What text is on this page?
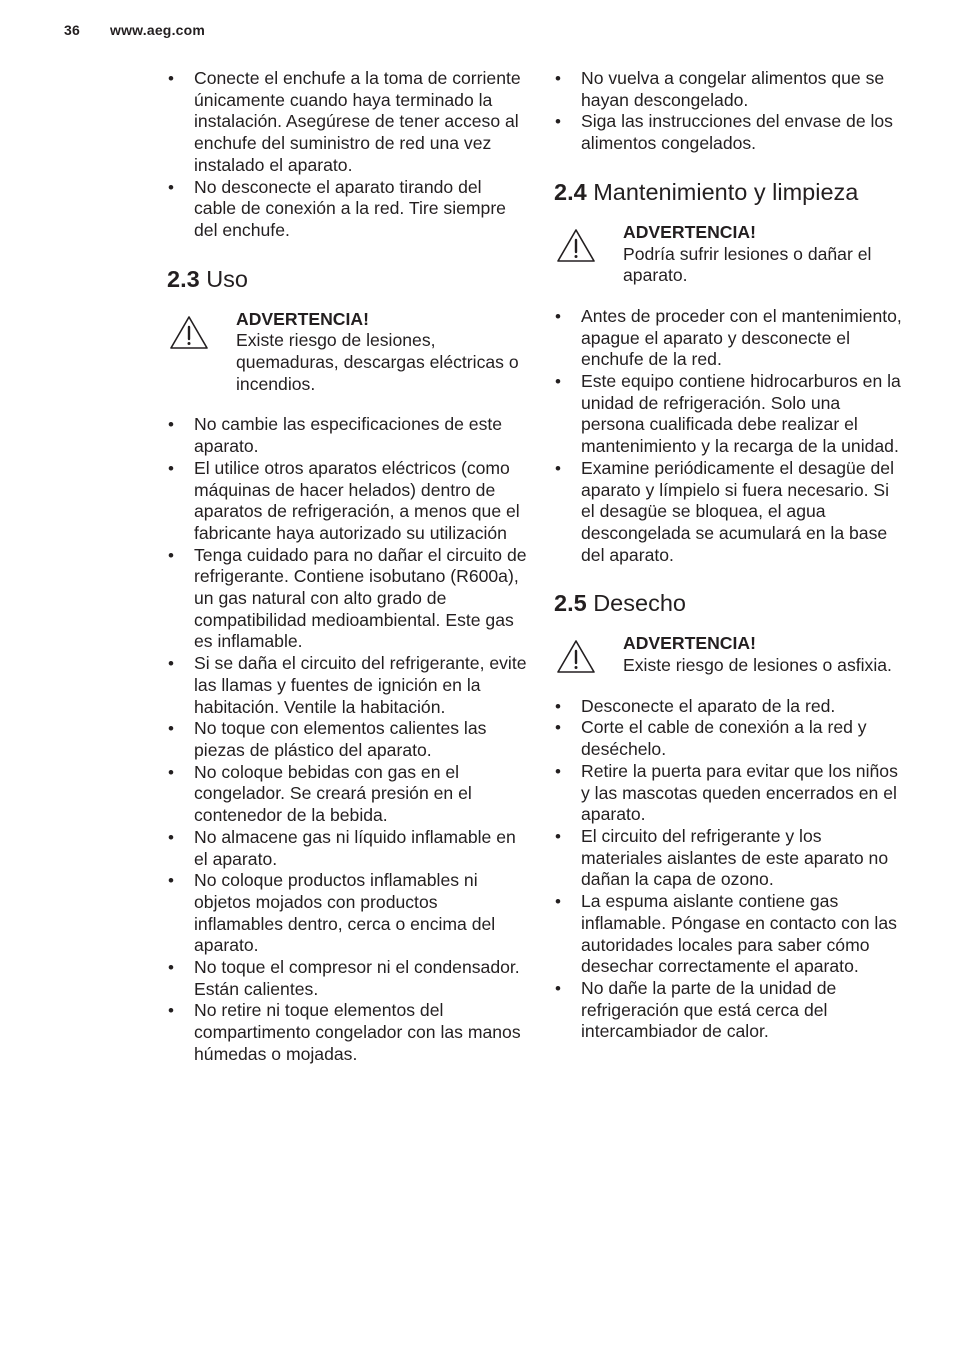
36 www.aeg.com
• Conecte el enchufe a la toma de corriente únicamente cuando haya terminado la instalación. Asegúrese de tener acceso al enchufe del suministro de red una vez instalado el aparato.
• No desconecte el aparato tirando del cable de conexión a la red. Tire siempre del enchufe.
2.3 Uso
ADVERTENCIA!
Existe riesgo de lesiones, quemaduras, descargas eléctricas o incendios.
• No cambie las especificaciones de este aparato.
• El utilice otros aparatos eléctricos (como máquinas de hacer helados) dentro de aparatos de refrigeración, a menos que el fabricante haya autorizado su utilización
• Tenga cuidado para no dañar el circuito de refrigerante. Contiene isobutano (R600a), un gas natural con alto grado de compatibilidad medioambiental. Este gas es inflamable.
• Si se daña el circuito del refrigerante, evite las llamas y fuentes de ignición en la habitación. Ventile la habitación.
• No toque con elementos calientes las piezas de plástico del aparato.
• No coloque bebidas con gas en el congelador. Se creará presión en el contenedor de la bebida.
• No almacene gas ni líquido inflamable en el aparato.
• No coloque productos inflamables ni objetos mojados con productos inflamables dentro, cerca o encima del aparato.
• No toque el compresor ni el condensador. Están calientes.
• No retire ni toque elementos del compartimento congelador con las manos húmedas o mojadas.
• No vuelva a congelar alimentos que se hayan descongelado.
• Siga las instrucciones del envase de los alimentos congelados.
2.4 Mantenimiento y limpieza
ADVERTENCIA!
Podría sufrir lesiones o dañar el aparato.
• Antes de proceder con el mantenimiento, apague el aparato y desconecte el enchufe de la red.
• Este equipo contiene hidrocarburos en la unidad de refrigeración. Solo una persona cualificada debe realizar el mantenimiento y la recarga de la unidad.
• Examine periódicamente el desagüe del aparato y límpielo si fuera necesario. Si el desagüe se bloquea, el agua descongelada se acumulará en la base del aparato.
2.5 Desecho
ADVERTENCIA!
Existe riesgo de lesiones o asfixia.
• Desconecte el aparato de la red.
• Corte el cable de conexión a la red y deséchelo.
• Retire la puerta para evitar que los niños y las mascotas queden encerrados en el aparato.
• El circuito del refrigerante y los materiales aislantes de este aparato no dañan la capa de ozono.
• La espuma aislante contiene gas inflamable. Póngase en contacto con las autoridades locales para saber cómo desechar correctamente el aparato.
• No dañe la parte de la unidad de refrigeración que está cerca del intercambiador de calor.
